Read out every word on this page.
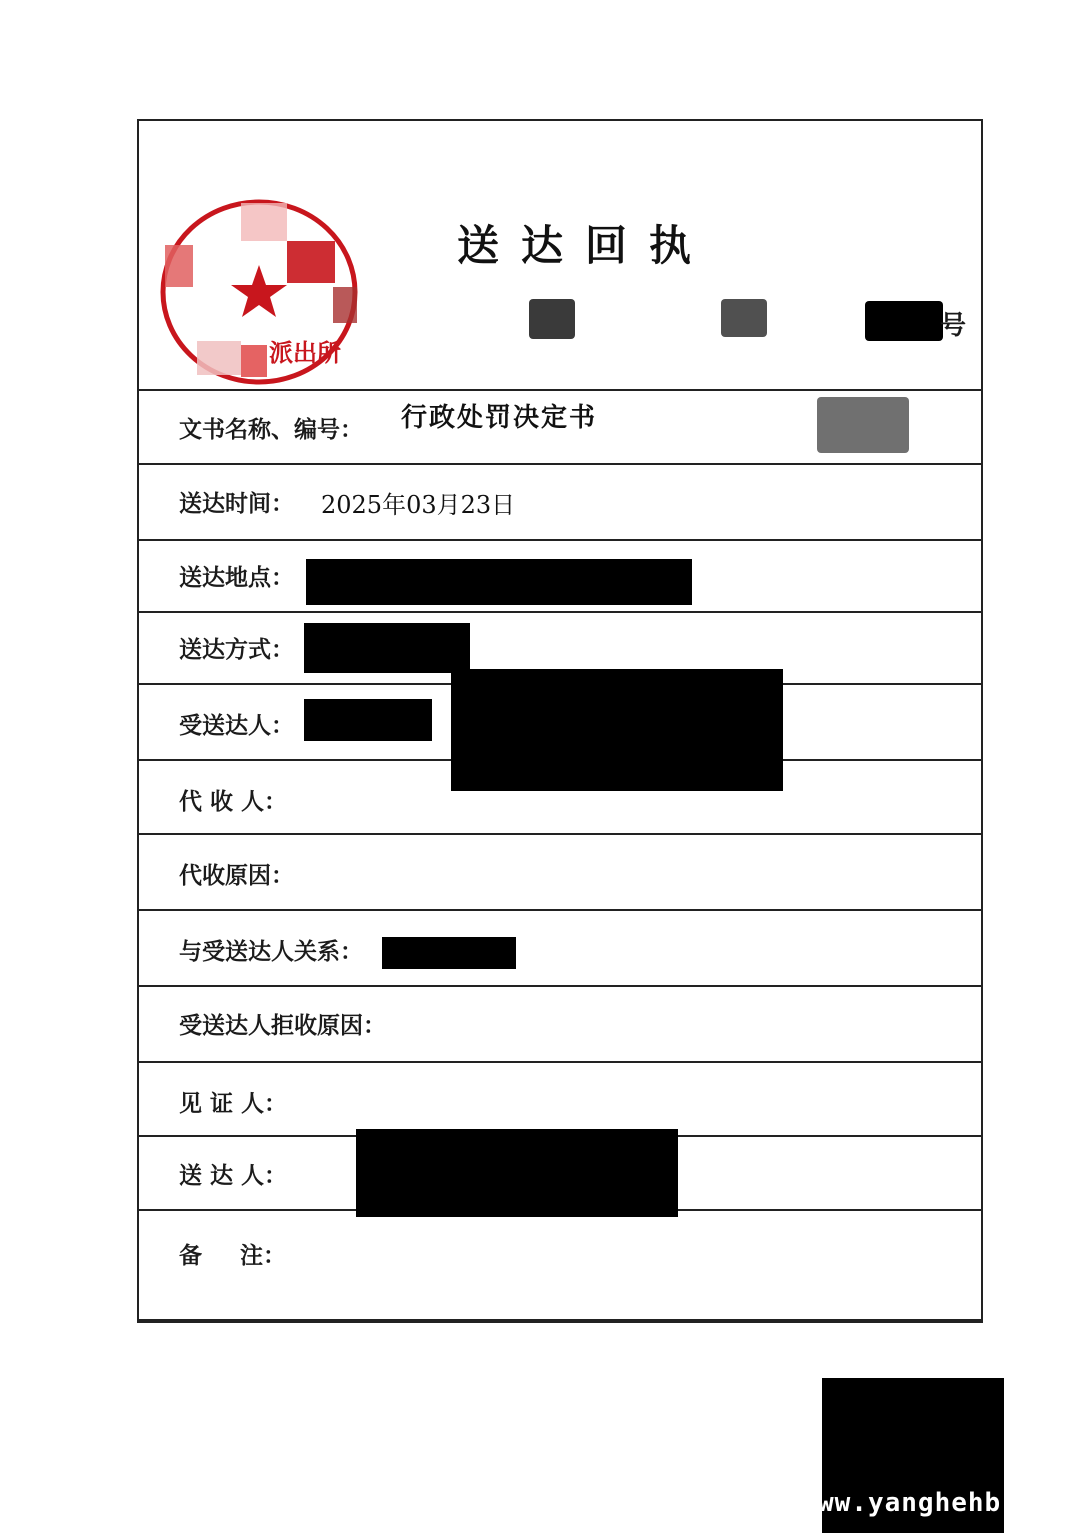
派出所
送达回执
号
文书名称、编号： 行政处罚决定书
送达时间： 2025年03月23日
送达地点：
送达方式：
受送达人：
代 收 人：
代收原因：
与受送达人关系：
受送达人拒收原因：
见 证 人：
送 达 人：
备 注：
ww.yanghehb.
